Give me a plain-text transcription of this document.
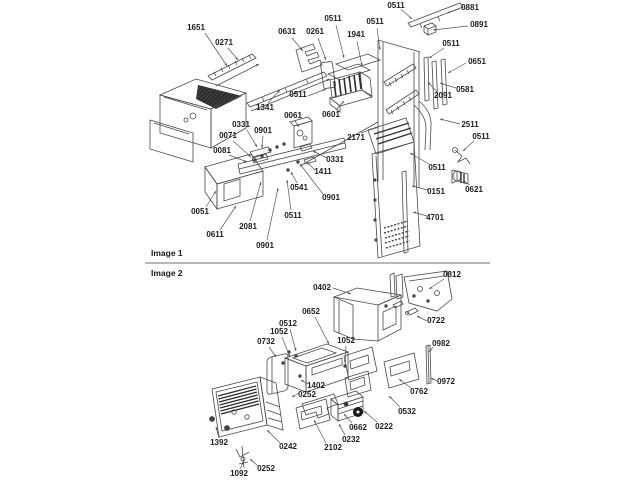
Image 1
Image 2
1651
0271
0631 0261
0511
1941
0511
0511	0881
0891
0511
0651
0581
2091
2511
0511
1341
0511
0601
0061
2171
0331
0901
0071
0081
0331
1411
0541
0901
0511
0051
0611
2081
0901
0511
0151	0621
4701
0812
0402
0652
0512
1052
0732	1052
0722
0982
0972
0762
0532
0222
1402
0252
0662
0232
1392	0242	2102
1092
0252
